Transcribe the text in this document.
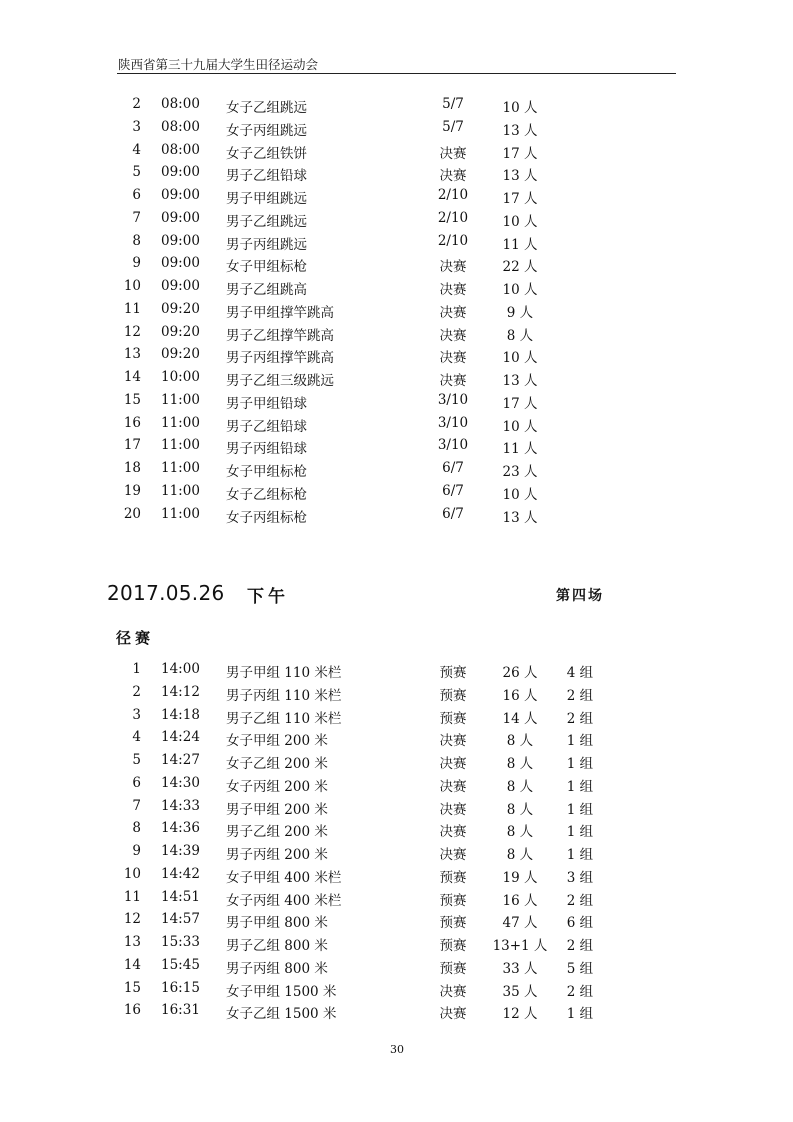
陕西省第三十九届大学生田径运动会
2 08:00 女子乙组跳远	5/7	10 人
3 08:00 女子丙组跳远	5/7	13 人
4 08:00 女子乙组铁饼	决赛	17 人
5 09:00 男子乙组铅球	决赛	13 人
6 09:00 男子甲组跳远	2/10	17 人
7 09:00 男子乙组跳远	2/10	10 人
8 09:00 男子丙组跳远	2/10	11 人
9 09:00 女子甲组标枪	决赛	22 人
10 09:00 男子乙组跳高	决赛	10 人
11 09:20 男子甲组撑竿跳高	决赛	9 人
12 09:20 男子乙组撑竿跳高	决赛	8 人
13 09:20 男子丙组撑竿跳高	决赛	10 人
14 10:00 男子乙组三级跳远	决赛	13 人
15 11:00 男子甲组铅球	3/10	17 人
16 11:00 男子乙组铅球	3/10	10 人
17 11:00 男子丙组铅球	3/10	11 人
18 11:00 女子甲组标枪	6/7	23 人
19 11:00 女子乙组标枪	6/7	10 人
20 11:00 女子丙组标枪	6/7	13 人
2017.05.26 下午	第四场
径赛
1 14:00 男子甲组 110 米栏	预赛	26 人	4 组
2 14:12 男子丙组 110 米栏	预赛	16 人	2 组
3 14:18 男子乙组 110 米栏	预赛	14 人	2 组
4 14:24 女子甲组 200 米	决赛	8 人	1 组
5 14:27 女子乙组 200 米	决赛	8 人	1 组
6 14:30 女子丙组 200 米	决赛	8 人	1 组
7 14:33 男子甲组 200 米	决赛	8 人	1 组
8 14:36 男子乙组 200 米	决赛	8 人	1 组
9 14:39 男子丙组 200 米	决赛	8 人	1 组
10 14:42 女子甲组 400 米栏	预赛	19 人	3 组
11 14:51 女子丙组 400 米栏	预赛	16 人	2 组
12 14:57 男子甲组 800 米	预赛	47 人	6 组
13 15:33 男子乙组 800 米	预赛	13+1 人	2 组
14 15:45 男子丙组 800 米	预赛	33 人	5 组
15 16:15 女子甲组 1500 米	决赛	35 人	2 组
16 16:31 女子乙组 1500 米	决赛	12 人	1 组
30
